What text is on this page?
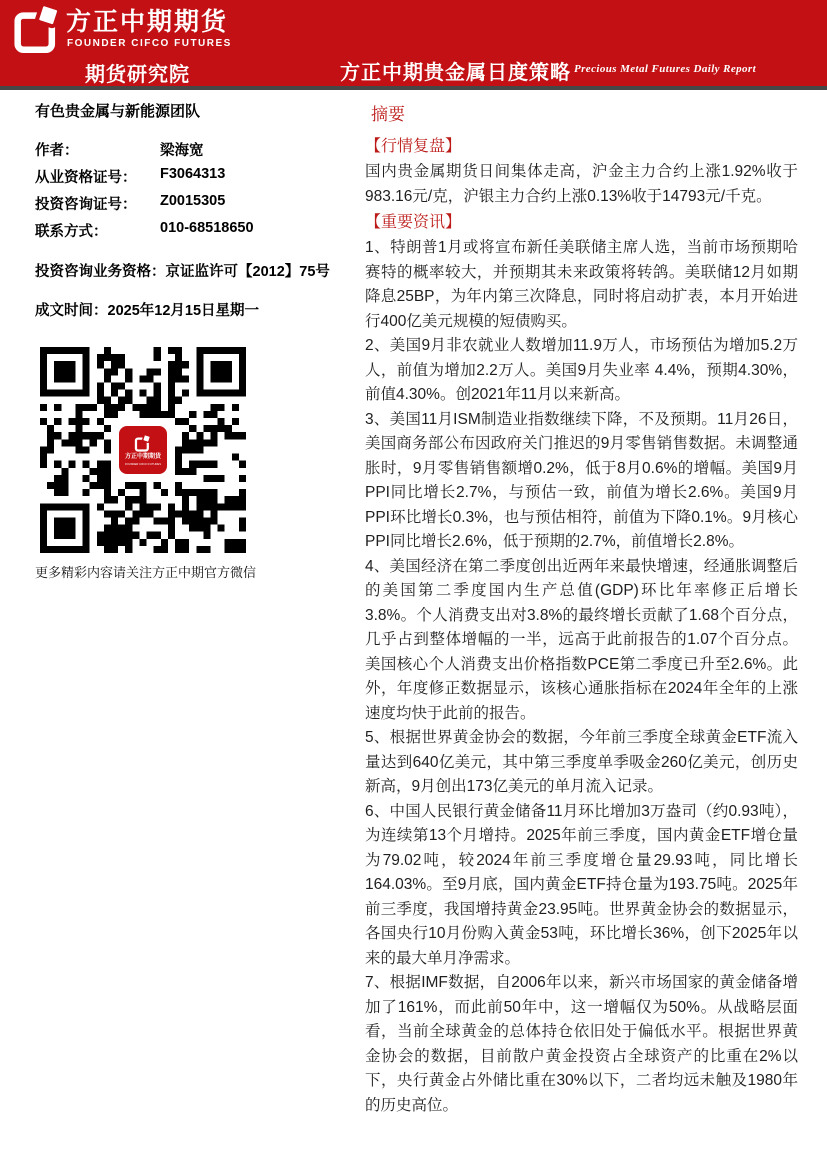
方正中期期货
FOUNDER CIFCO FUTURES
期货研究院	方正中期贵金属日度策略 Precious Metal Futures Daily Report
有色贵金属与新能源团队
作者：	梁海宽
从业资格证号：	F3064313
投资咨询证号：	Z0015305
联系方式：	010-68518650
投资咨询业务资格：京证监许可【2012】75号
成文时间：2025年12月15日星期一
方正中期期货
FOUNDER CIFCO FUTURES
更多精彩内容请关注方正中期官方微信
摘要
【行情复盘】

国内贵金属期货日间集体走高，沪金主力合约上涨1.92%收于983.16元/克，沪银主力合约上涨0.13%收于14793元/千克。

【重要资讯】

1、特朗普1月或将宣布新任美联储主席人选，当前市场预期哈赛特的概率较大，并预期其未来政策将转鸽。美联储12月如期降息25BP，为年内第三次降息，同时将启动扩表，本月开始进行400亿美元规模的短债购买。

2、美国9月非农就业人数增加11.9万人，市场预估为增加5.2万人，前值为增加2.2万人。美国9月失业率 4.4%，预期4.30%，前值4.30%。创2021年11月以来新高。

3、美国11月ISM制造业指数继续下降，不及预期。11月26日，美国商务部公布因政府关门推迟的9月零售销售数据。未调整通胀时，9月零售销售额增0.2%，低于8月0.6%的增幅。美国9月PPI同比增长2.7%，与预估一致，前值为增长2.6%。美国9月PPI环比增长0.3%，也与预估相符，前值为下降0.1%。9月核心PPI同比增长2.6%，低于预期的2.7%，前值增长2.8%。

4、美国经济在第二季度创出近两年来最快增速，经通胀调整后的美国第二季度国内生产总值(GDP)环比年率修正后增长3.8%。个人消费支出对3.8%的最终增长贡献了1.68个百分点，几乎占到整体增幅的一半，远高于此前报告的1.07个百分点。美国核心个人消费支出价格指数PCE第二季度已升至2.6%。此外，年度修正数据显示，该核心通胀指标在2024年全年的上涨速度均快于此前的报告。

5、根据世界黄金协会的数据，今年前三季度全球黄金ETF流入量达到640亿美元，其中第三季度单季吸金260亿美元，创历史新高，9月创出173亿美元的单月流入记录。

6、中国人民银行黄金储备11月环比增加3万盎司（约0.93吨），为连续第13个月增持。2025年前三季度，国内黄金ETF增仓量为79.02吨，较2024年前三季度增仓量29.93吨，同比增长164.03%。至9月底，国内黄金ETF持仓量为193.75吨。2025年前三季度，我国增持黄金23.95吨。世界黄金协会的数据显示，各国央行10月份购入黄金53吨，环比增长36%，创下2025年以来的最大单月净需求。

7、根据IMF数据，自2006年以来，新兴市场国家的黄金储备增加了161%，而此前50年中，这一增幅仅为50%。从战略层面看，当前全球黄金的总体持仓依旧处于偏低水平。根据世界黄金协会的数据，目前散户黄金投资占全球资产的比重在2%以下，央行黄金占外储比重在30%以下，二者均远未触及1980年的历史高位。
